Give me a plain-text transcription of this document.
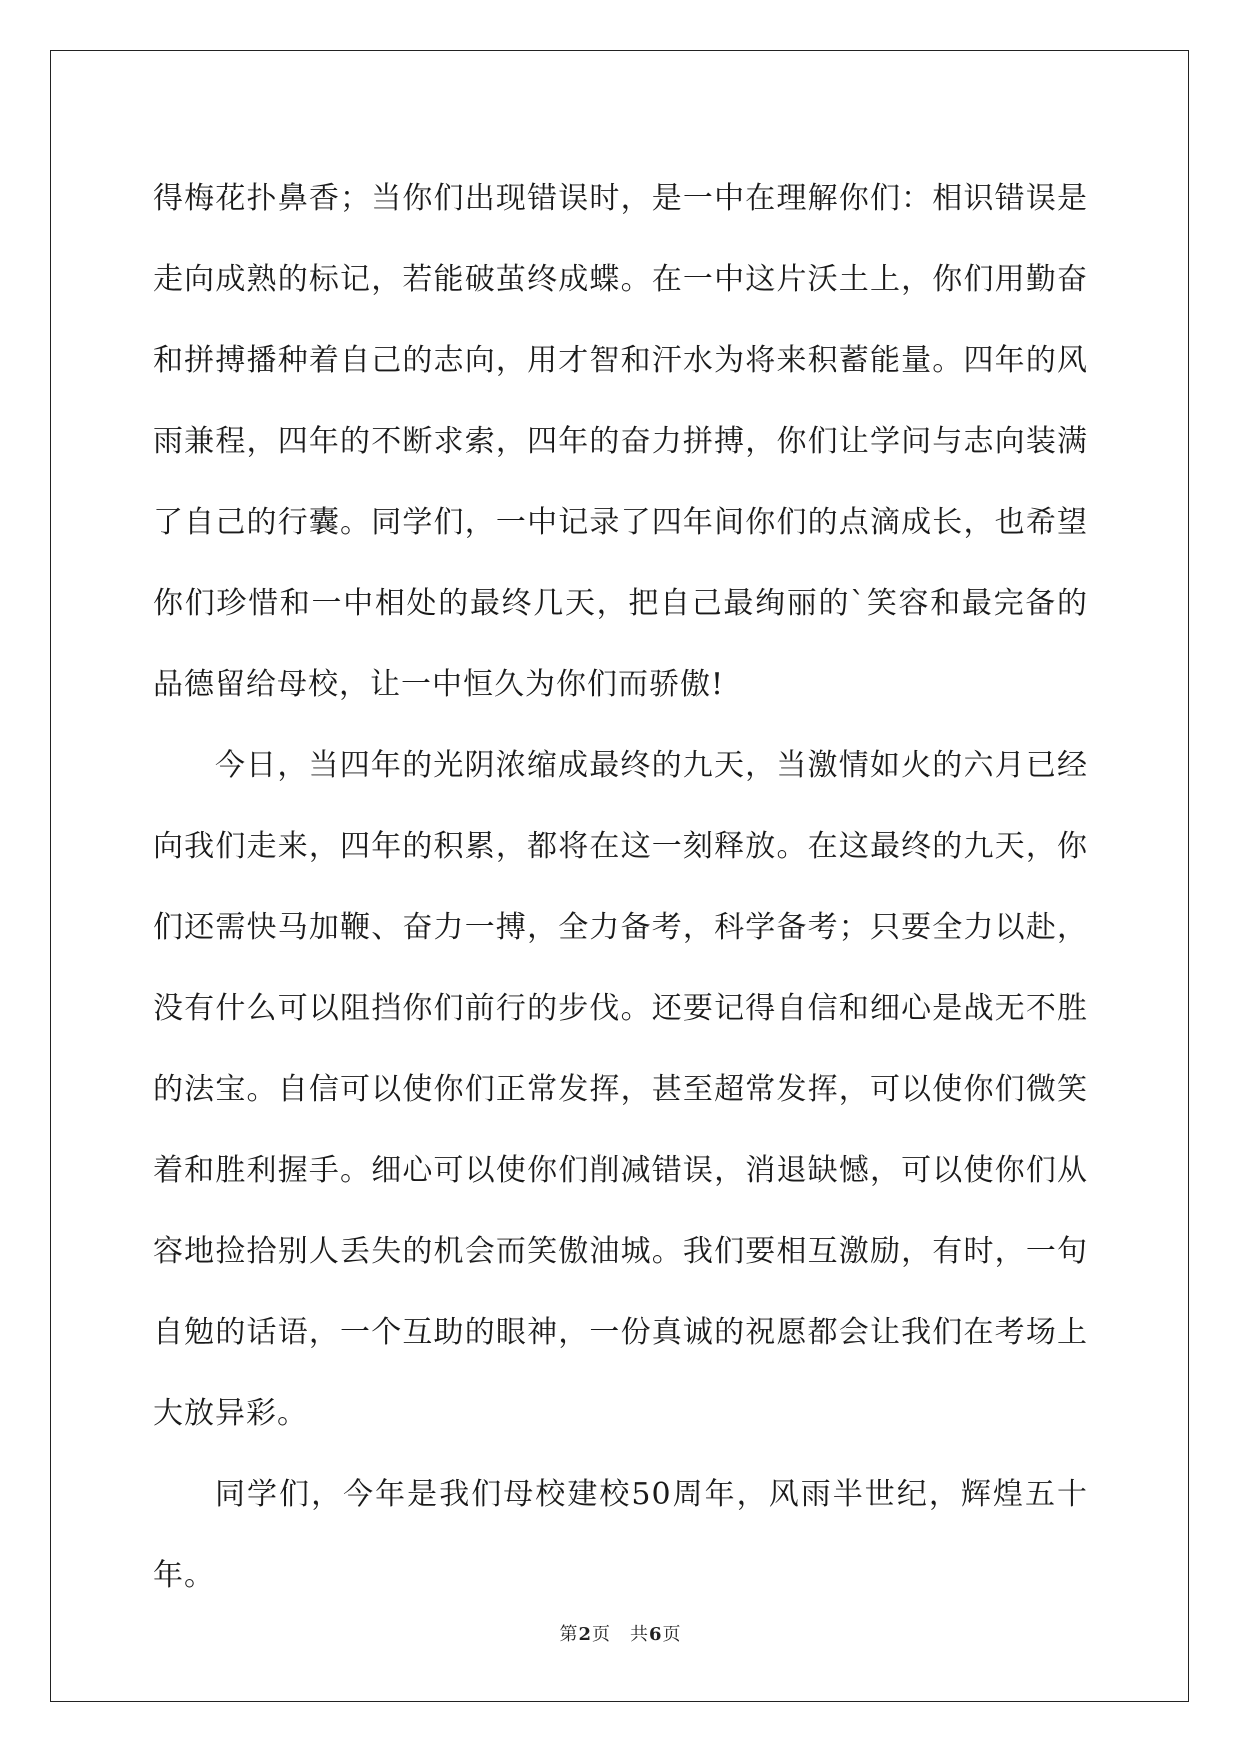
得梅花扑鼻香；当你们出现错误时，是一中在理解你们：相识错误是走向成熟的标记，若能破茧终成蝶。在一中这片沃土上，你们用勤奋和拼搏播种着自己的志向，用才智和汗水为将来积蓄能量。四年的风雨兼程，四年的不断求索，四年的奋力拼搏，你们让学问与志向装满了自己的行囊。同学们，一中记录了四年间你们的点滴成长，也希望你们珍惜和一中相处的最终几天，把自己最绚丽的`笑容和最完备的品德留给母校，让一中恒久为你们而骄傲!

今日，当四年的光阴浓缩成最终的九天，当激情如火的六月已经向我们走来，四年的积累，都将在这一刻释放。在这最终的九天，你们还需快马加鞭、奋力一搏，全力备考，科学备考；只要全力以赴，没有什么可以阻挡你们前行的步伐。还要记得自信和细心是战无不胜的法宝。自信可以使你们正常发挥，甚至超常发挥，可以使你们微笑着和胜利握手。细心可以使你们削减错误，消退缺憾，可以使你们从容地捡拾别人丢失的机会而笑傲油城。我们要相互激励，有时，一句自勉的话语，一个互助的眼神，一份真诚的祝愿都会让我们在考场上大放异彩。

同学们，今年是我们母校建校50周年，风雨半世纪，辉煌五十年。

第2页　共6页
